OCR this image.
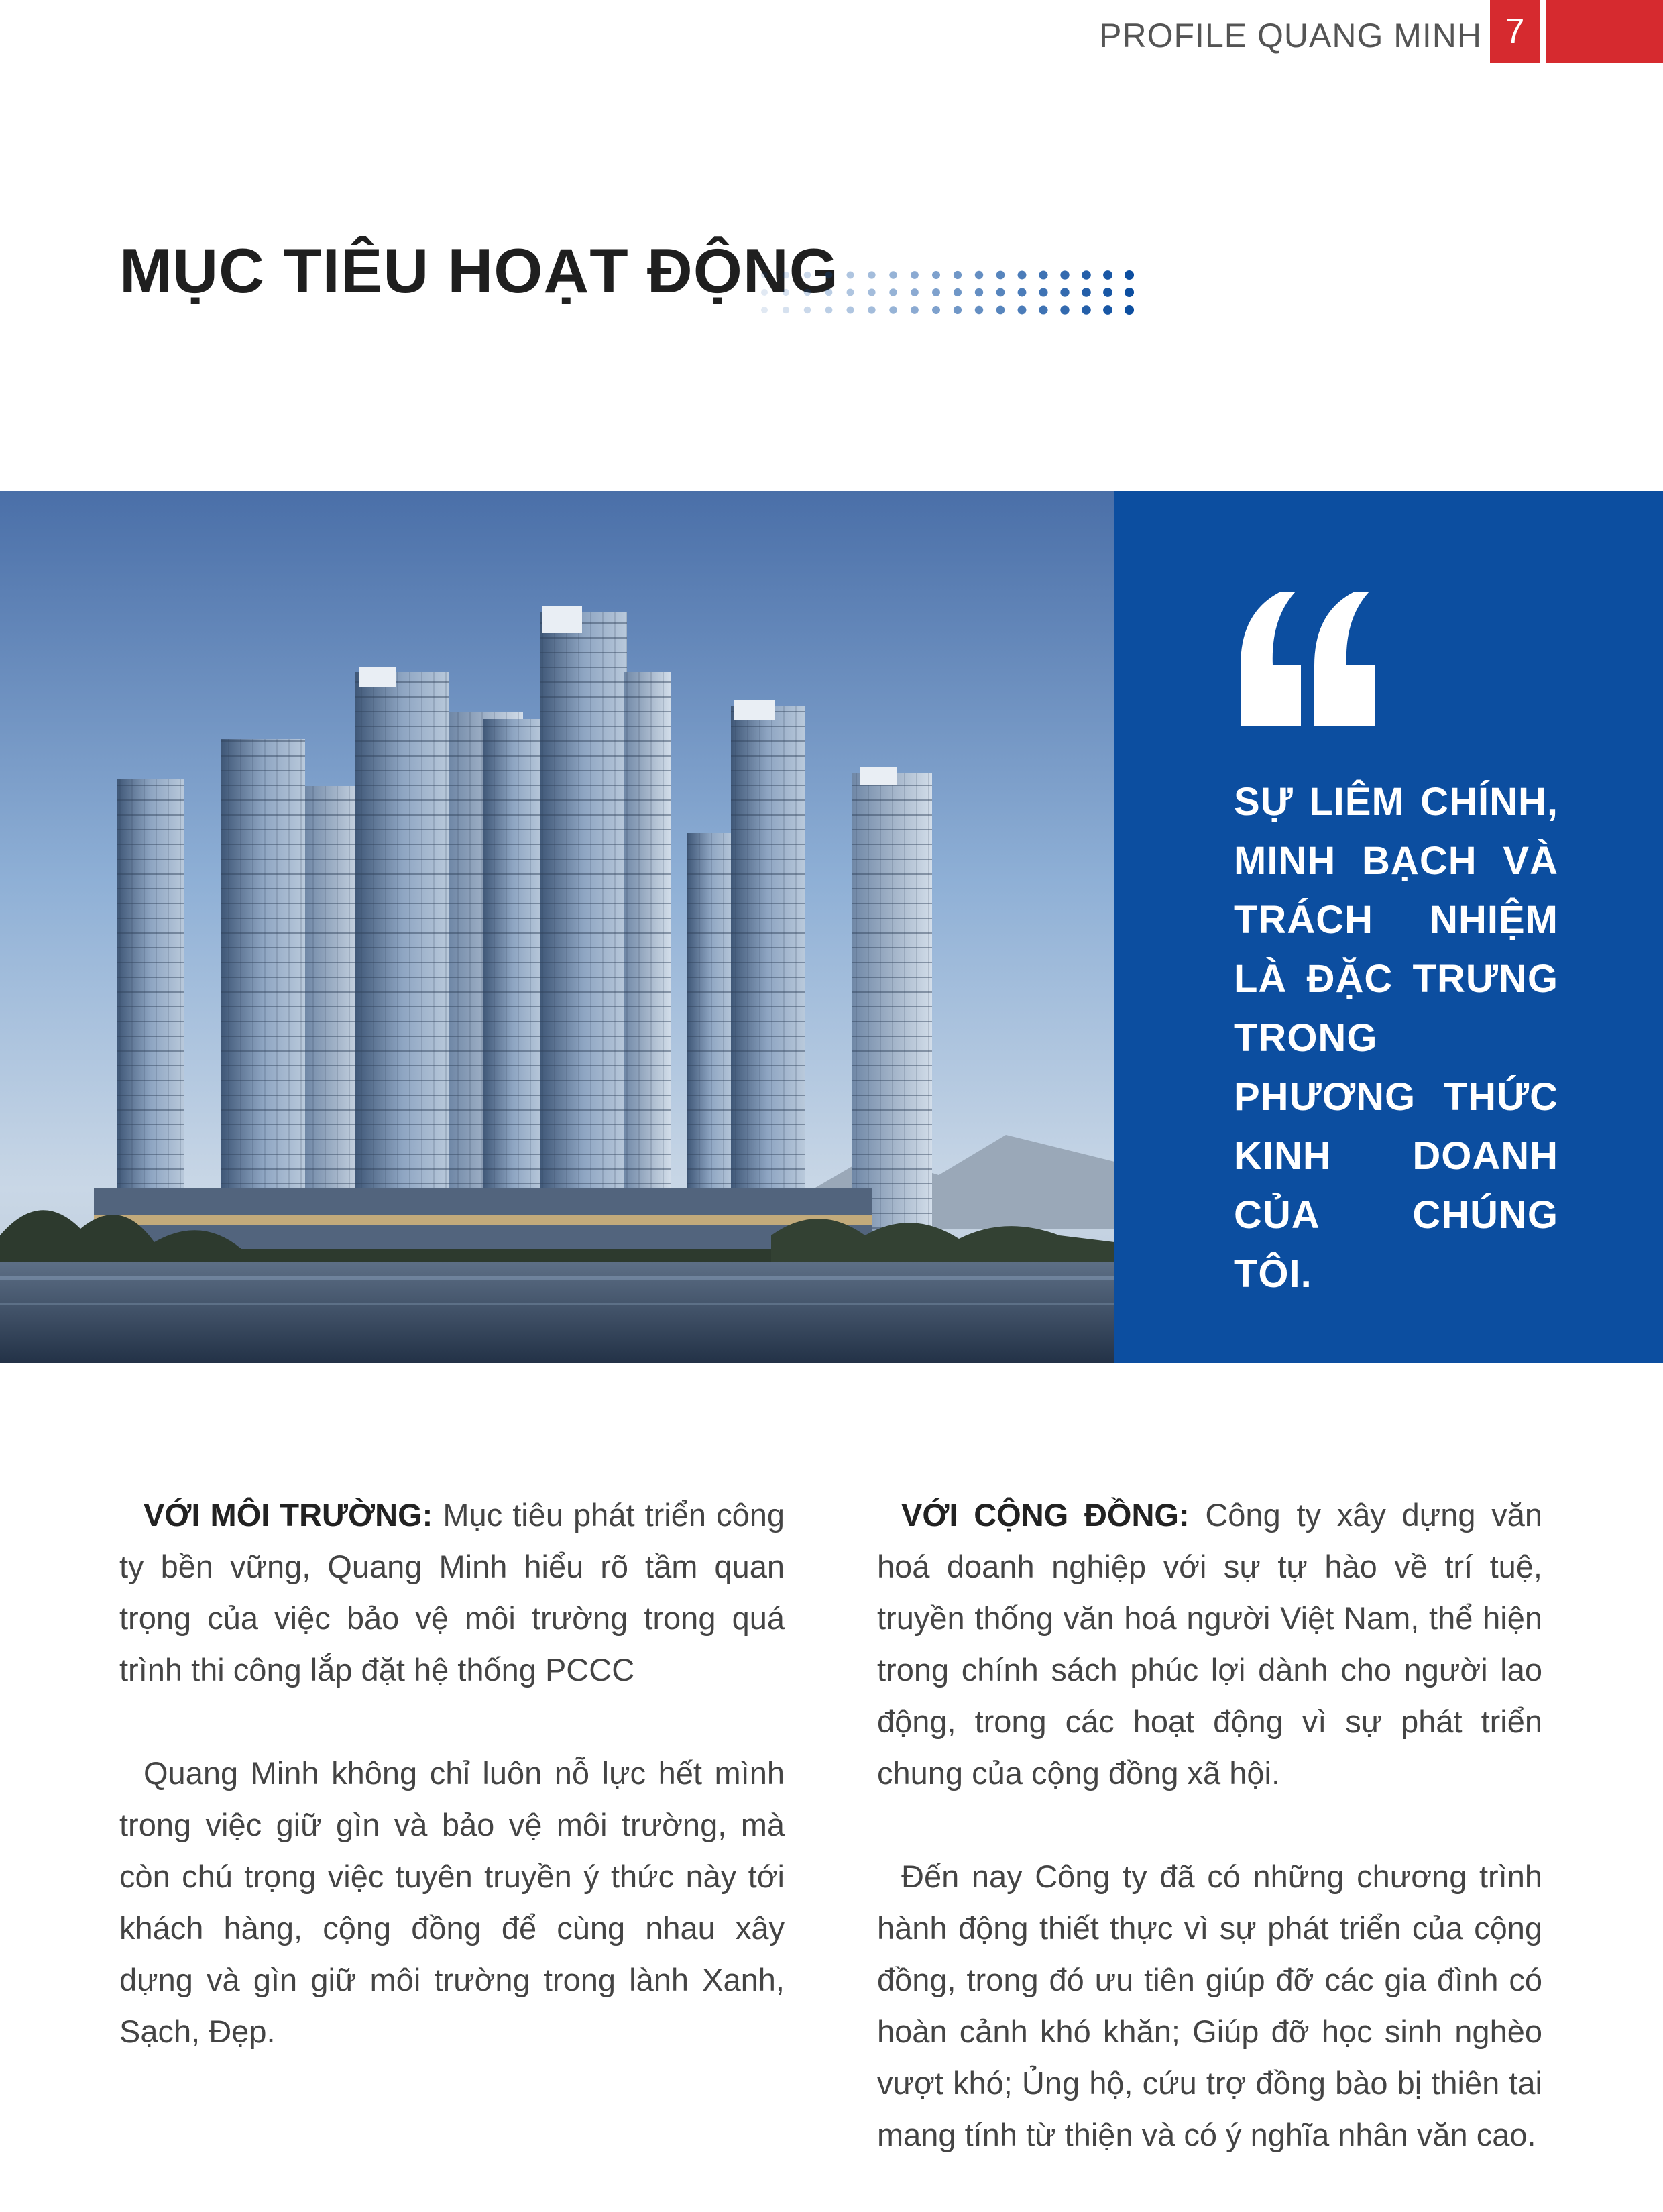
PROFILE QUANG MINH 7
MỤC TIÊU HOẠT ĐỘNG

SỰ LIÊM CHÍNH, MINH BẠCH VÀ TRÁCH NHIỆM LÀ ĐẶC TRƯNG TRONG PHƯƠNG THỨC KINH DOANH CỦA CHÚNG TÔI.

VỚI MÔI TRƯỜNG: Mục tiêu phát triển công ty bền vững, Quang Minh hiểu rõ tầm quan trọng của việc bảo vệ môi trường trong quá trình thi công lắp đặt hệ thống PCCC

Quang Minh không chỉ luôn nỗ lực hết mình trong việc giữ gìn và bảo vệ môi trường, mà còn chú trọng việc tuyên truyền ý thức này tới khách hàng, cộng đồng để cùng nhau xây dựng và gìn giữ môi trường trong lành Xanh, Sạch, Đẹp.

VỚI CỘNG ĐỒNG: Công ty xây dựng văn hoá doanh nghiệp với sự tự hào về trí tuệ, truyền thống văn hoá người Việt Nam, thể hiện trong chính sách phúc lợi dành cho người lao động, trong các hoạt động vì sự phát triển chung của cộng đồng xã hội.

Đến nay Công ty đã có những chương trình hành động thiết thực vì sự phát triển của cộng đồng, trong đó ưu tiên giúp đỡ các gia đình có hoàn cảnh khó khăn; Giúp đỡ học sinh nghèo vượt khó; Ủng hộ, cứu trợ đồng bào bị thiên tai mang tính từ thiện và có ý nghĩa nhân văn cao.
